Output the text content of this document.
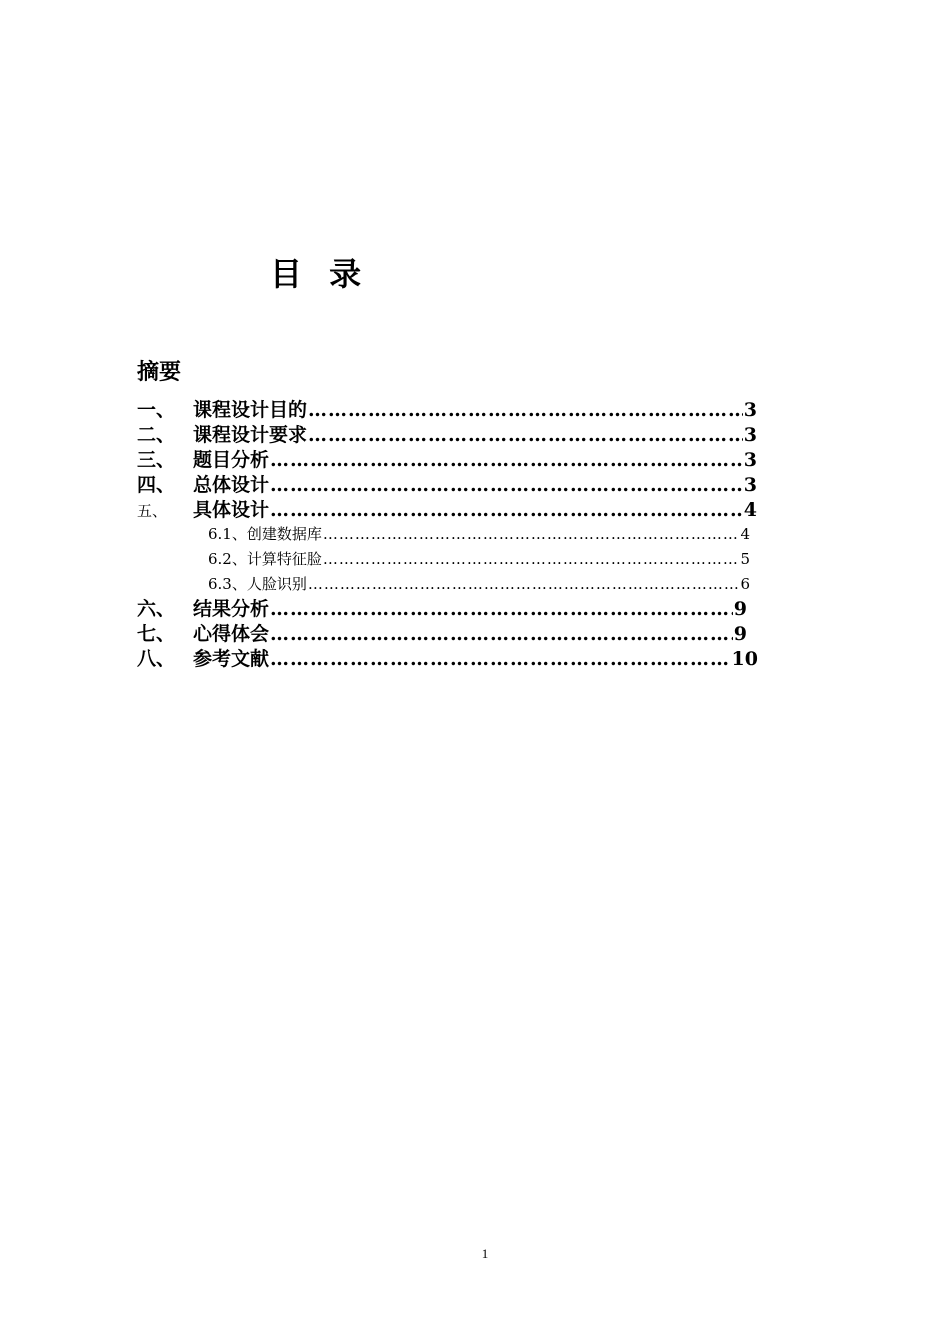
目 录
摘要
一、 课程设计目的 ……………………………………………………………………………………………………………………………………	3
二、 课程设计要求 ……………………………………………………………………………………………………………………………………	3
三、 题目分析 ……………………………………………………………………………………………………………………………………	3
四、 总体设计 ……………………………………………………………………………………………………………………………………	3
五、	具体设计 ……………………………………………………………………………………………………………………………………	4
6.1、创建数据库 ……………………………………………………………………………………………………………………………………	4
6.2、计算特征脸 ……………………………………………………………………………………………………………………………………	5
6.3、人脸识别 ……………………………………………………………………………………………………………………………………	6
六、 结果分析 ……………………………………………………………………………………………………………………………………	9
七、 心得体会 ……………………………………………………………………………………………………………………………………	9
八、 参考文献 ……………………………………………………………………………………………………………………………………	10
1
